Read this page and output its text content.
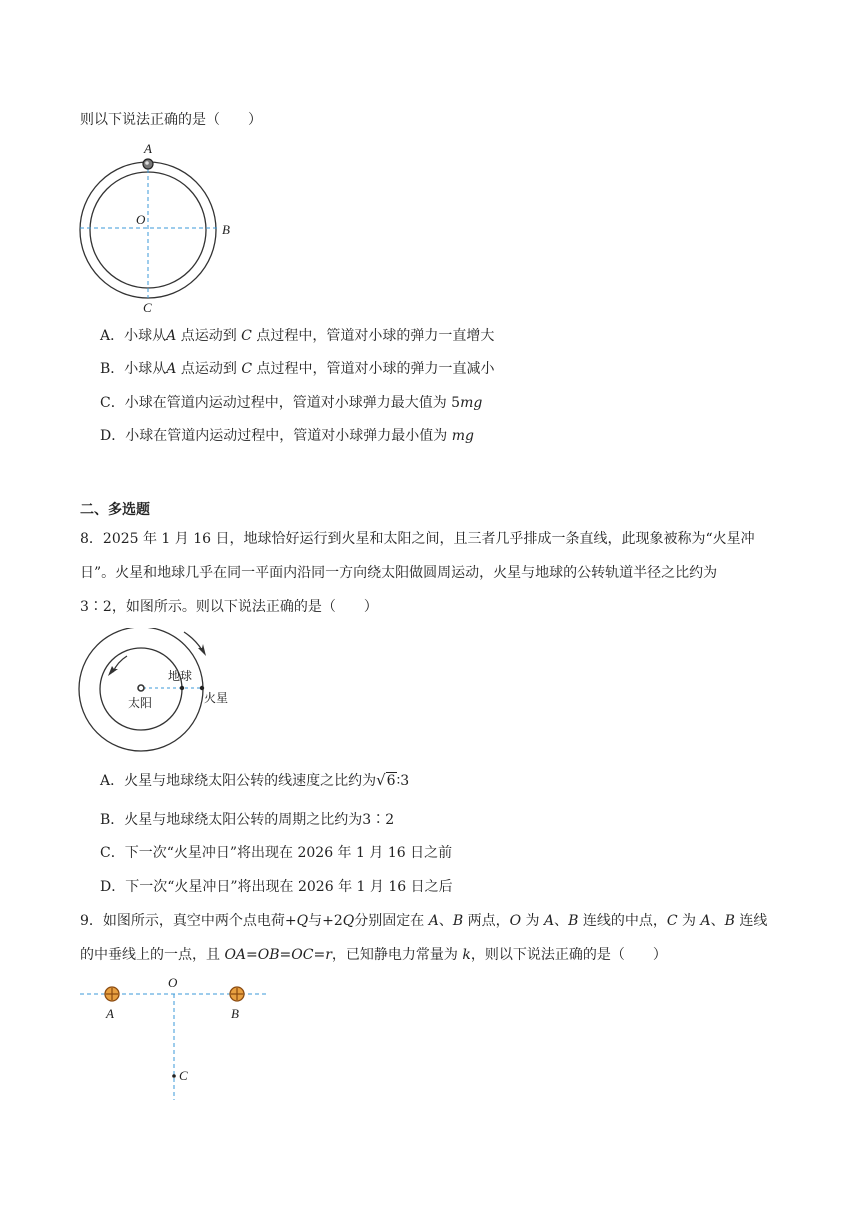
则以下说法正确的是（　　）
A
O
B
C
A．小球从A 点运动到 C 点过程中，管道对小球的弹力一直增大
B．小球从A 点运动到 C 点过程中，管道对小球的弹力一直减小
C．小球在管道内运动过程中，管道对小球弹力最大值为 5mg
D．小球在管道内运动过程中，管道对小球弹力最小值为 mg
二、多选题
8．2025 年 1 月 16 日，地球恰好运行到火星和太阳之间，且三者几乎排成一条直线，此现象被称为“火星冲
日”。火星和地球几乎在同一平面内沿同一方向绕太阳做圆周运动，火星与地球的公转轨道半径之比约为
3∶2，如图所示。则以下说法正确的是（　　）
地球
太阳	火星
A．火星与地球绕太阳公转的线速度之比约为√6∶3
B．火星与地球绕太阳公转的周期之比约为3∶2
C．下一次“火星冲日”将出现在 2026 年 1 月 16 日之前
D．下一次“火星冲日”将出现在 2026 年 1 月 16 日之后
9．如图所示，真空中两个点电荷+Q与+2Q分别固定在 A、B 两点，O 为 A、B 连线的中点，C 为 A、B 连线
的中垂线上的一点，且 OA=OB=OC=r，已知静电力常量为 k，则以下说法正确的是（　　）
O
A	B
C
